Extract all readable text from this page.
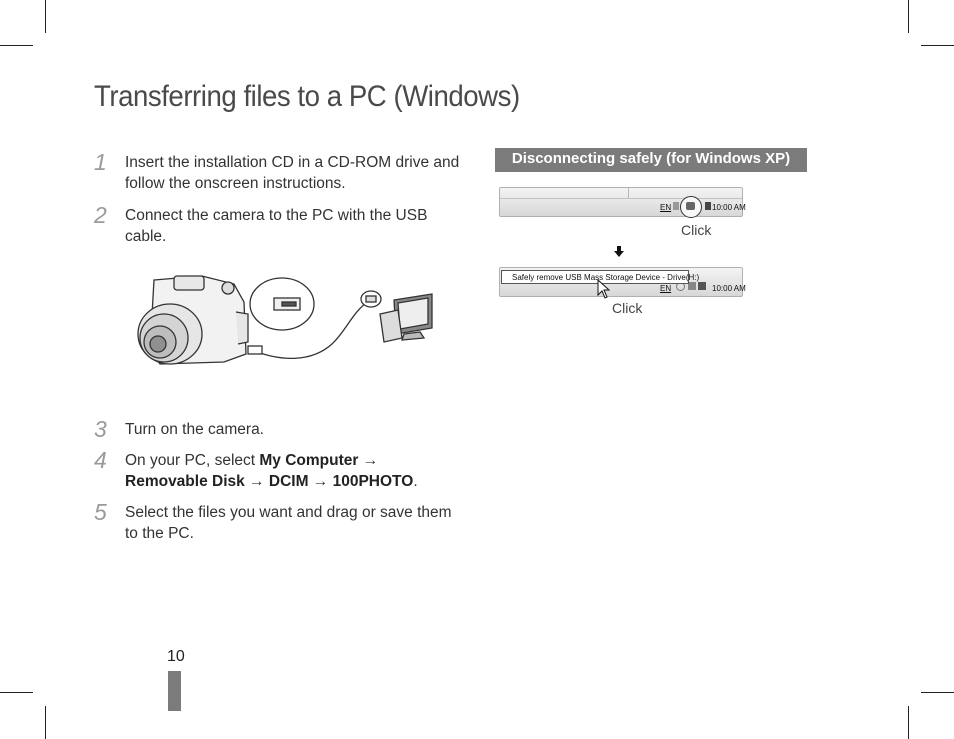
Transferring files to a PC (Windows)
1 Insert the installation CD in a CD-ROM drive and follow the onscreen instructions.
2 Connect the camera to the PC with the USB cable.
3 Turn on the camera.
4 On your PC, select My Computer →
Removable Disk → DCIM → 100PHOTO.
5 Select the files you want and drag or save them to the PC.
Disconnecting safely (for Windows XP)
EN	10:00 AM
Click
EN	10:00 AM
Safely remove USB Mass Storage Device - Drive(H:)
Click
10
